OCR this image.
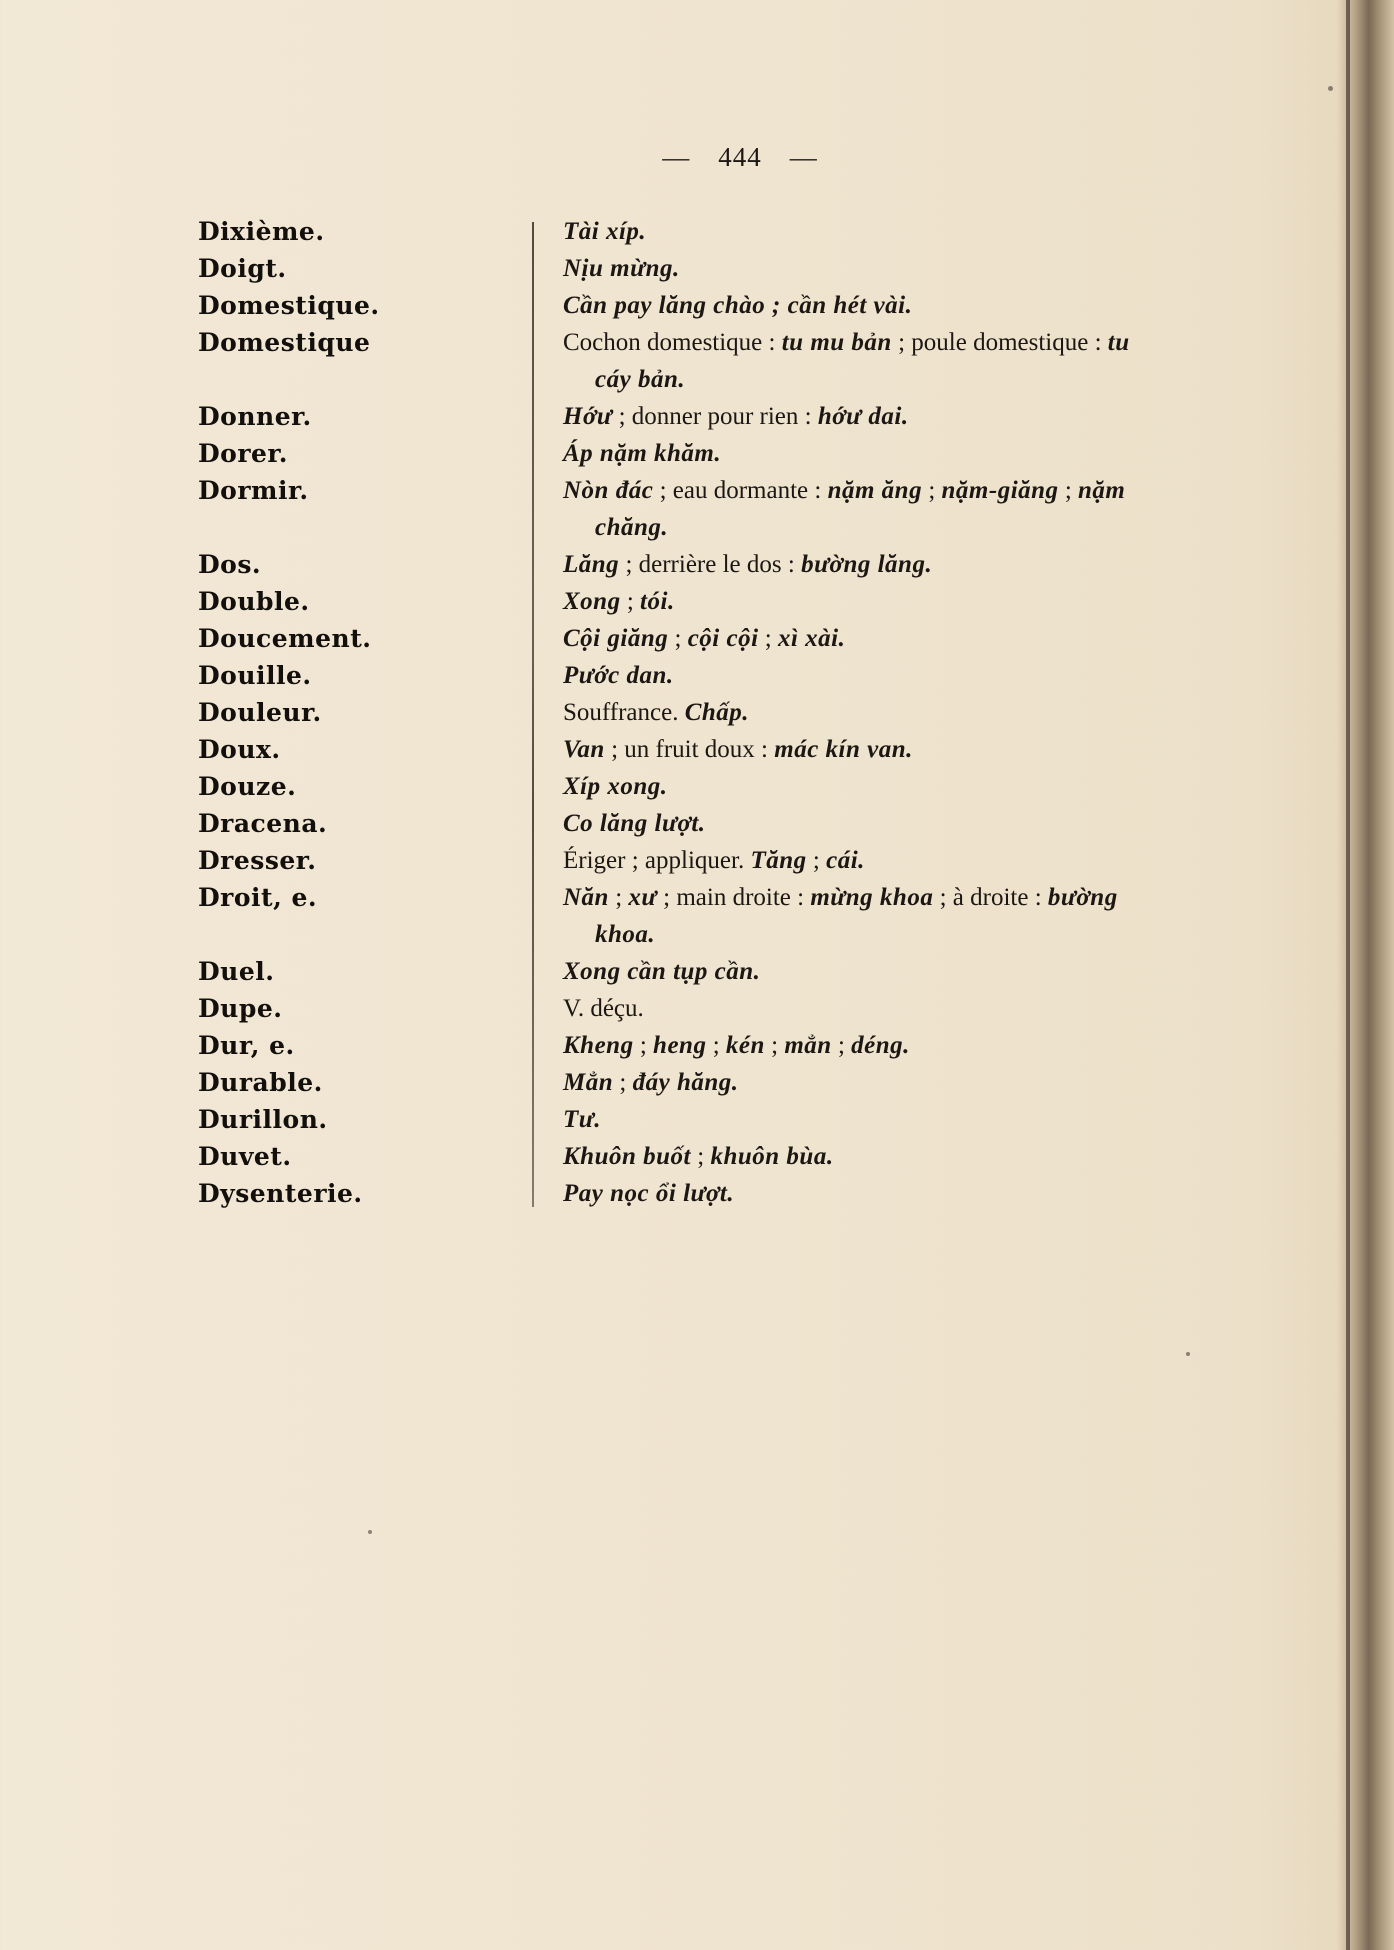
— 444 —
Dixième.	Tài xíp.
Doigt.	Nịu mừng.
Domestique.	Cần pay lăng chào ; cần hét vài.
Domestique	Cochon domestique : tu mu bản ; poule domestique : tu
cáy bản.
Donner.	Hớư ; donner pour rien : hớư dai.
Dorer.	Áp nặm khăm.
Dormir.	Nòn đác ; eau dormante : nặm ăng ; nặm-giăng ; nặm
chăng.
Dos.	Lăng ; derrière le dos : bường lăng.
Double.	Xong ; tói.
Doucement.	Cội giăng ; cội cội ; xì xài.
Douille.	Pước dan.
Douleur.	Souffrance. Chấp.
Doux.	Van ; un fruit doux : mác kín van.
Douze.	Xíp xong.
Dracena.	Co lăng lượt.
Dresser.	Ériger ; appliquer. Tăng ; cái.
Droit, e.	Năn ; xư ; main droite : mừng khoa ; à droite : bường
khoa.
Duel.	Xong cần tụp cần.
Dupe.	V. déçu.
Dur, e.	Kheng ; heng ; kén ; mẳn ; déng.
Durable.	Mẳn ; đáy hăng.
Durillon.	Tư.
Duvet.	Khuôn buốt ; khuôn bùa.
Dysenterie.	Pay nọc ổi lượt.
